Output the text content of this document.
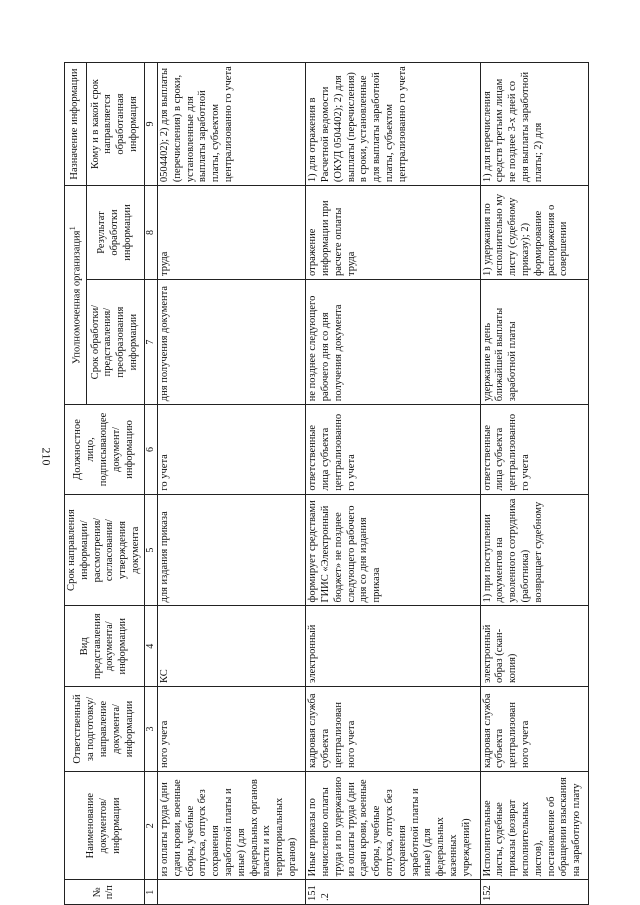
210
№ п/п	Наименование документов/ информации	Ответственный за подготовку/ направление документа/ информации	Вид представления документа/ информации	Срок направления информации/ рассмотрения/ согласования/ утверждения документа	Должностное лицо, подписывающее документ/ информацию	Уполномоченная организация$^1$		Назначение информации
						Срок обработки/ представления/ преобразования информации	Результат обработки информации	Кому и в какой срок направляется обработанная информация
1	2	3	4	5	6	7	8	9
	из оплаты труда (дни сдачи крови, военные сборы, учебные отпуска, отпуск без сохранения заработной платы и иные) (для федеральных органов власти и их территориальных органов)	ного учета	КС	для издания приказа	го учета	дня получения документа	труда	0504402); 2) для выплаты (перечисления) в сроки, установленные для выплаты заработной платы, субъектом централизованно го учета
151.2	Иные приказы по начислению оплаты труда и по удержанию из оплаты труда (дни сдачи крови, военные сборы, учебные отпуска, отпуск без сохранения заработной платы и иные) (для федеральных казенных учреждений)	кадровая служба субъекта централизован ного учета	электронный	формирует средствами ГИИС «Электронный бюджет» не позднее следующего рабочего дня со дня издания приказа	ответственные лица субъекта централизованно го учета	не позднее следующего рабочего дня со дня получения документа	отражение информации при расчете оплаты труда	1) для отражения в Расчетной ведомости (ОКУД 0504402); 2) для выплаты (перечисления) в сроки, установленные для выплаты заработной платы, субъектом централизованно го учета
152	Исполнительные листы, судебные приказы (возврат исполнительных листов), постановление об обращении взыскания на заработную плату	кадровая служба субъекта централизован ного учета	электронный образ (скан-копия)	1) при поступлении документов на уволенного сотрудника (работника) возвращает судебному	ответственные лица субъекта централизованно го учета	удержание в день ближайшей выплаты заработной платы	1) удержания по исполнительно му листу (судебному приказу); 2) формирование распоряжения о совершении	1) для перечисления средств третьим лицам не позднее 3-х дней со дня выплаты заработной платы; 2) для
